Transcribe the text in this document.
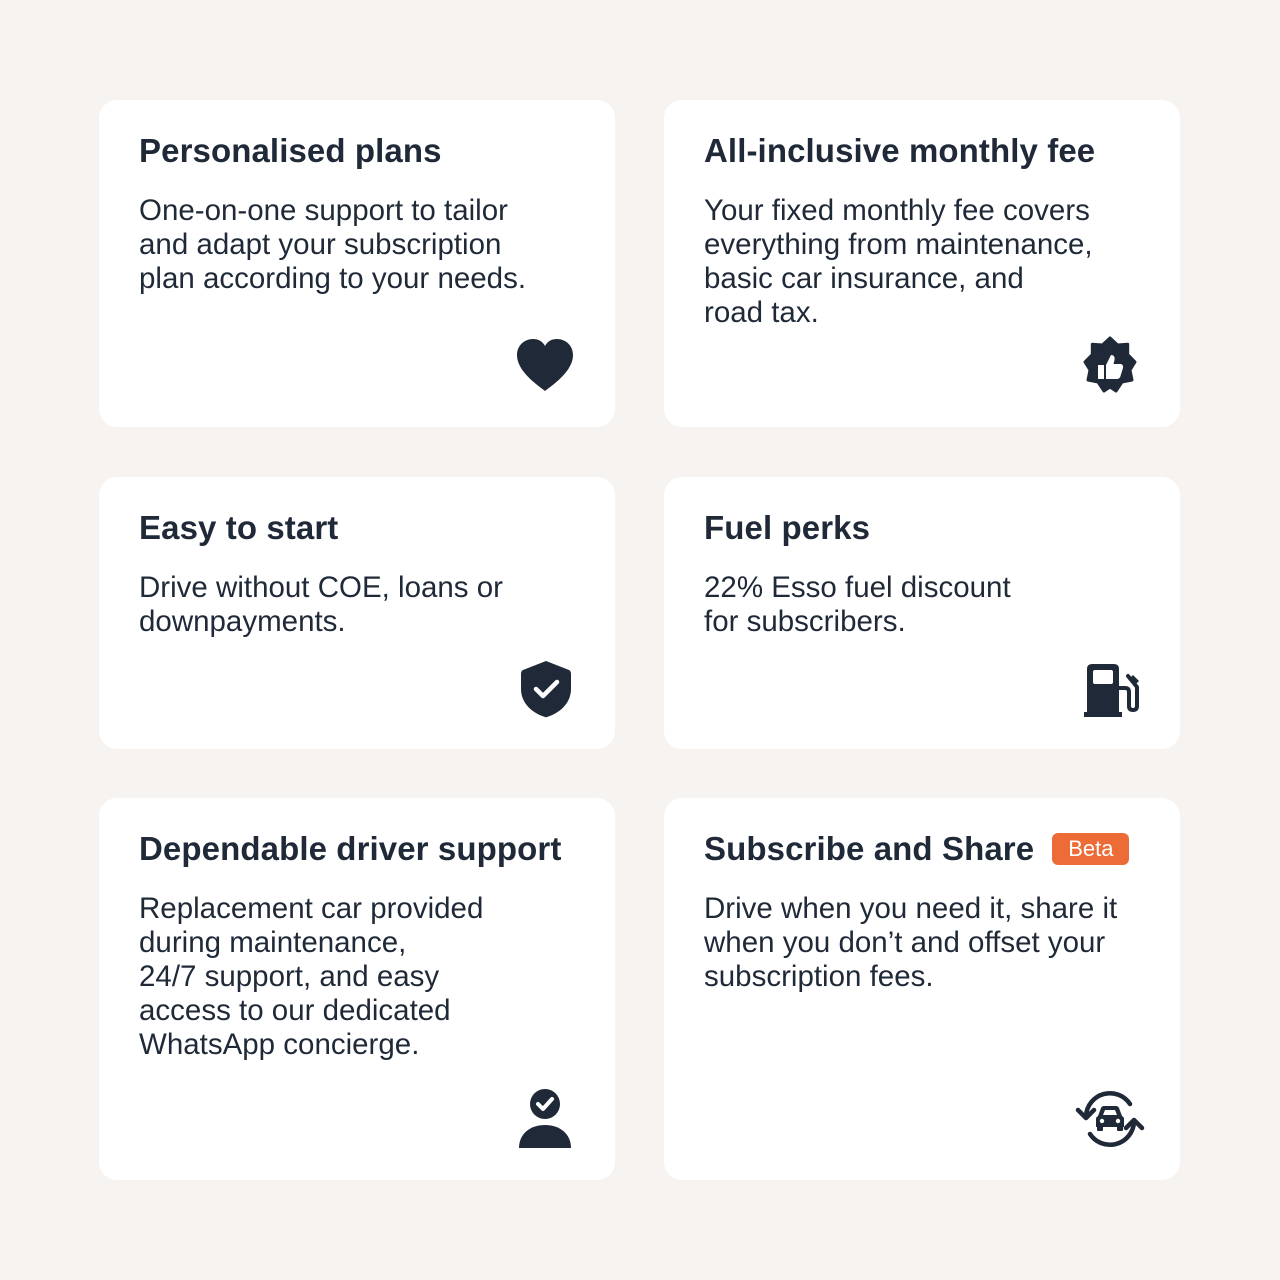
Personalised plans

One-on-one support to tailor
and adapt your subscription
plan according to your needs.

All-inclusive monthly fee

Your fixed monthly fee covers
everything from maintenance,
basic car insurance, and
road tax.

Easy to start

Drive without COE, loans or
downpayments.

Fuel perks

22% Esso fuel discount
for subscribers.

Dependable driver support

Replacement car provided
during maintenance,
24/7 support, and easy
access to our dedicated
WhatsApp concierge.

Subscribe and Share	Beta

Drive when you need it, share it
when you don’t and offset your
subscription fees.
